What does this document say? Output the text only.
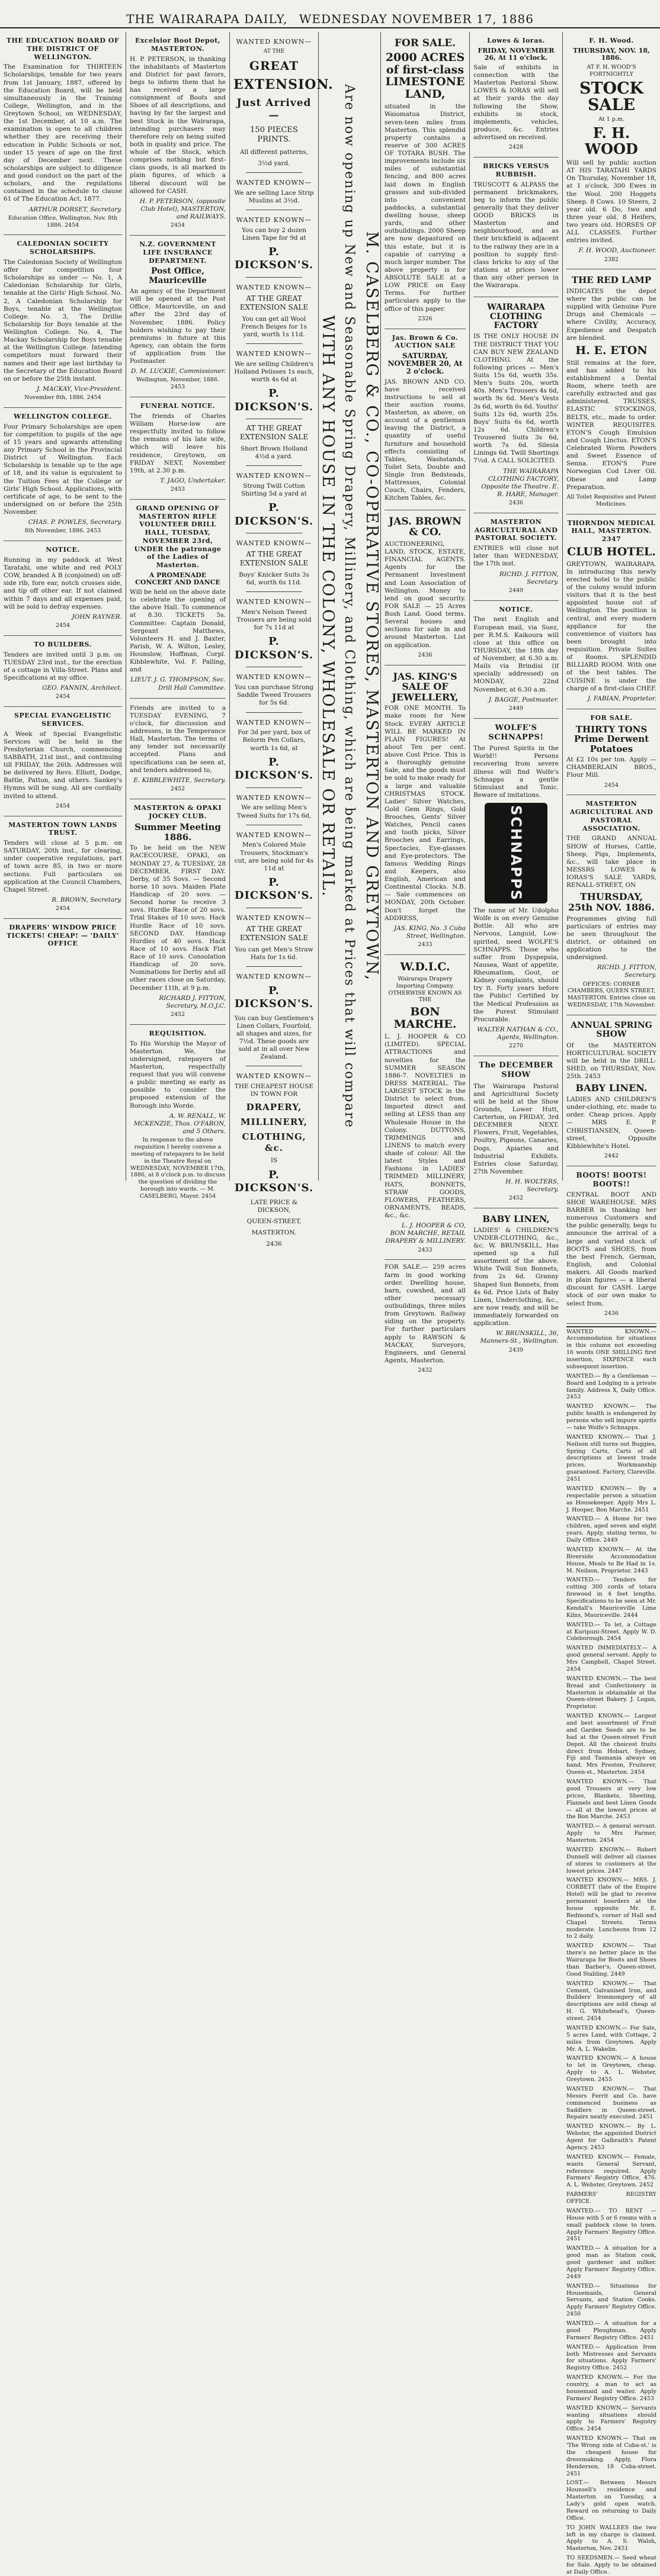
THE WAIRARAPA DAILY, WEDNESDAY NOVEMBER 17, 1886
THE EDUCATION BOARD OF THE DISTRICT OF WELLINGTON.

The Examination for THIRTEEN Scholarships, tenable for two years from 1st January, 1887, offered by the Education Board, will be held simultaneously in the Training College, Wellington, and in the Greytown School, on WEDNESDAY, the 1st December, at 10 a.m. The examination is open to all children whether they are receiving their education in Public Schools or not, under 15 years of age on the first day of December next. These scholarships are subject to diligence and good conduct on the part of the scholars, and the regulations contained in the schedule to clause 61 of The Education Act, 1877.

ARTHUR DORSET, Secretary.

Education Office, Wellington, Nov. 8th 1886. 2454

CALEDONIAN SOCIETY SCHOLARSHIPS.

The Caledonian Society of Wellington offer for competition four Scholarships as under — No. 1, A Caledonian Scholarship for Girls, tenable at the Girls' High School. No. 2, A Caledonian Scholarship for Boys, tenable at the Wellington College. No. 3, The Drillie Scholarship for Boys tenable at the Wellington College. No. 4, The Mackay Scholarship for Boys tenable at the Wellington College. Intending competitors must forward their names and their age last birthday to the Secretary of the Education Board on or before the 25th instant.

J. MACKAY, Vice-President.

November 8th, 1886. 2454

WELLINGTON COLLEGE.

Four Primary Scholarships are open for competition to pupils of the age of 15 years and upwards attending any Primary School in the Provincial District of Wellington. Each Scholarship is tenable up to the age of 18, and its value is equivalent to the Tuition Fees at the College or Girls' High School. Applications, with certificate of age, to be sent to the undersigned on or before the 25th November.

CHAS. P. POWLES, Secretary.

8th November, 1886. 2453

NOTICE.

Running in my paddock at West Taratahi, one white and red POLY COW, branded A B (conjoined) on off-side rib, fore ear, notch crosses side, and tip off other ear. If not claimed within 7 days and all expenses paid, will be sold to defray expenses.

JOHN RAYNER.

2454

TO BUILDERS.

Tenders are invited until 3 p.m. on TUESDAY 23rd inst., for the erection of a cottage in Villa-Street. Plans and Specifications at my office.

GEO. FANNIN, Architect.

2454

SPECIAL EVANGELISTIC SERVICES.

A Week of Special Evangelistic Services will be held in the Presbyterian Church, commencing SABBATH, 21st inst., and continuing till FRIDAY, the 26th. Addresses will be delivered by Revs. Elliott, Dodge, Battle, Patton, and others. Sankey's Hymns will be sung. All are cordially invited to attend.

2454

MASTERTON TOWN LANDS TRUST.

Tenders will close at 5 p.m. on SATURDAY, 20th inst., for clearing, under cooperative regulations, part of town acre 85, in two or more sections. Full particulars on application at the Council Chambers, Chapel Street.

R. BROWN, Secretary.

2454

DRAPERS' WINDOW PRICE TICKETS! CHEAP! — 'DAILY' OFFICE

Excelsior Boot Depot, MASTERTON.

H. P. PETERSON, in thanking the inhabitants of Masterton and District for past favors, begs to inform them that he has received a large consignment of Boots and Shoes of all descriptions, and having by far the largest and best Stock in the Wairarapa, intending purchasers may therefore rely on being suited both in quality and price. The whole of the Stock, which comprises nothing but first-class goods, is all marked in plain figures, of which a liberal discount will be allowed for CASH.

H. P. PETERSON, (opposite Club Hotel), MASTERTON, and RAILWAYS.

2454

N.Z. GOVERNMENT LIFE INSURANCE DEPARTMENT.
Post Office, Mauriceville

An agency of the Department will be opened at the Post Office, Mauriceville, on and after the 23rd day of November, 1886. Policy holders wishing to pay their premiums in future at this Agency, can obtain the form of application from the Postmaster.

D. M. LUCKIE, Commissioner.

Wellington, November, 1886. 2453

FUNERAL NOTICE.

The friends of Charles William Horse-low are respectfully invited to follow the remains of his late wife, which will leave his residence, Greytown, on FRIDAY NEXT, November 19th, at 2.30 p.m.

T. JAGO, Undertaker.

2453

GRAND OPENING OF MASTERTON RIFLE VOLUNTEER DRILL HALL, TUESDAY, NOVEMBER 23rd, UNDER the patronage of the Ladies of Masterton.
A PROMENADE CONCERT AND DANCE

Will be held on the above date to celebrate the opening of the above Hall. To commence at 8.30. TICKETS 5s. Committee: Captain Donald, Sergeant Matthews, Volunteers H. and J. Baxter, Parish, W. A. Wilton, Lesley, Hounslow, Hoffman, Corpl. Kibblewhite, Vol. F. Palling, and

LIEUT. J. G. THOMPSON, Sec. Drill Hall Committee.

Friends are invited to a TUESDAY EVENING, 7 o'clock, for discussion and addresses, in the Temperance Hall, Masterton. The terms of any tender not necessarily accepted. Plans and specifications can be seen at, and tenders addressed to,

E. KIBBLEWHITE, Secretary.

2452

MASTERTON & OPAKI JOCKEY CLUB.
Summer Meeting 1886.

To be held on the NEW RACECOURSE, OPAKI, on MONDAY 27, & TUESDAY, 28 DECEMBER. FIRST DAY. Derby, of 35 Sovs. — Second horse 10 sovs. Maiden Plate Handicap of 20 sovs. — Second horse to receive 3 sovs. Hurdle Race of 20 sovs. Trial Stakes of 10 sovs. Hack Hurdle Race of 10 sovs. SECOND DAY. Handicap Hurdles of 40 sovs. Hack Race of 10 sovs. Hack Flat Race of 10 sovs. Consolation Handicap of 20 sovs. Nominations for Derby and all other races close on Saturday, December 11th, at 9 p.m.

RICHARD J. FITTON, Secretary, M.O.J.C.

2452

REQUISITION.

To His Worship the Mayor of Masterton. We, the undersigned, ratepayers of Masterton, respectfully request that you will convene a public meeting as early as possible to consider the proposed extension of the Borough into Worde.

A. W. RENALL, W. MCKENZIE, Thos. O'FARON, and 5 Others.

In response to the above requisition I hereby convene a meeting of ratepayers to be held in the Theatre Royal on WEDNESDAY, NOVEMBER 17th, 1886, at 8 o'clock p.m. to discuss the question of dividing the borough into wards. — M. CASELBERG, Mayor. 2454

WANTED KNOWN—
AT THE
GREAT
EXTENSION.
Just Arrived—
150 PIECES PRINTS.
All different patterns,
3½d yard.
WANTED KNOWN—
We are selling Lace Strip Muslins at 3½d.
WANTED KNOWN—
You can buy 2 dozen Linen Tape for 9d at
P. DICKSON'S.
WANTED KNOWN—
AT THE GREAT EXTENSION SALE
You can get all Wool French Beiges for 1s yard, worth 1s 11d.
WANTED KNOWN—
We are selling Children's Holland Pelisses 1s each, worth 4s 6d at
P. DICKSON'S.
AT THE GREAT EXTENSION SALE
Short Brown Holland 4½d a yard.
WANTED KNOWN—
Strong Twill Cotton Shirting 5d a yard at
P. DICKSON'S.
WANTED KNOWN—
AT THE GREAT EXTENSION SALE
Boys' Knicker Suits 3s 6d, worth 6s 11d.
WANTED KNOWN—
Men's Nelson Tweed Trousers are being sold for 7s 11d at
P. DICKSON'S.
WANTED KNOWN—
You can purchase Strong Saddle Tweed Trousers for 5s 6d.
WANTED KNOWN—
For 3d per yard, box of Relorm Pen Collars, worth 1s 6d, at
P. DICKSON'S.
WANTED KNOWN—
We are selling Men's Tweed Suits for 17s 6d,
WANTED KNOWN—
Men's Colored Mole Trousers, Stockman's cut, are being sold for 4s 11d at
P. DICKSON'S.
WANTED KNOWN—
AT THE GREAT EXTENSION SALE
You can get Men's Straw Hats for 1s 6d.
WANTED KNOWN—
P. DICKSON'S.
You can buy Gentlemen's Linen Collars, Fourfold, all shapes and sizes, for 7½d. These goods are sold at in all over New Zealand.
WANTED KNOWN—
THE CHEAPEST HOUSE IN TOWN FOR
DRAPERY,
MILLINERY,
CLOTHING, &c.
IS
P. DICKSON'S.
LATE PRICE & DICKSON,
QUEEN-STREET,
MASTERTON.
2436
M. CASELBERG & CO., CO-OPERATIVE STORES, MASTERTON AND GREYTOWN,
Are now opening up New and Seasonable Spring Drapery, Millinery, and Clothing, which are being marked at Prices that will compare
WITH ANY HOUSE IN THE COLONY, WHOLESALE OR RETAIL.
FOR SALE.
2000 ACRES of first-class LIMESTONE LAND,

situated in the Waiomatua District, seven-teen miles from Masterton. This splendid property contains a reserve of 300 ACRES OF TOTARA BUSH. The improvements include six miles of substantial fencing, and 800 acres laid down in English grasses and sub-divided into convenient paddocks, a substantial dwelling house, sheep yards, and other outbuildings. 2000 Sheep are now depastured on this estate, but it is capable of carrying a much larger number. The above property is for ABSOLUTE SALE at a LOW PRICE on Easy Terms. For further particulars apply to the office of this paper.

2326

Jas. Brown & Co. AUCTION SALE
SATURDAY, NOVEMBER 20, At 2 o'clock.

JAS. BROWN AND CO. have received instructions to sell at their auction rooms, Masterton, as above, on account of a gentleman leaving the District, a quantity of useful furniture and household effects consisting of Tables, Washstands, Toilet Sets, Double and Single Iron Bedsteads, Mattresses, Colonial Couch, Chairs, Fenders, Kitchen Tables, &c.

JAS. BROWN & CO.

AUCTIONEERING, LAND, STOCK, ESTATE, FINANCIAL AGENTS. Agents for the Permanent Investment and Loan Association of Wellington. Money to lend on good security. FOR SALE — 25 Acres Bush Land. Good terms. Several houses and sections for sale in and around Masterton. List on application.

2436

JAS. KING'S SALE OF JEWELLERY,

FOR ONE MONTH. To make room for New Stock. EVERY ARTICLE WILL BE MARKED IN PLAIN FIGURES! At about Ten per cent. above Cost Price. This is a thoroughly genuine Sale, and the goods must be sold to make ready for a large and valuable CHRISTMAS STOCK. Ladies' Silver Watches, Gold Gem Rings, Gold Brooches, Gents' Silver Watches, Pencil cases and tooth picks, Silver Brooches and Earrings, Spectacles, Eye-glasses and Eye-protectors. The famous Wedding Rings and Keepers, also English, American and Continental Clocks. N.B. — Sale commences on MONDAY, 20th October. Don't forget the ADDRESS,

JAS. KING, No. 3 Cuba Street, Wellington.

2433

W.D.I.C.

Wairarapa Drapery Importing Company. OTHERWISE KNOWN AS THE

BON MARCHE.

L. J. HOOPER & CO (LIMITED). SPECIAL ATTRACTIONS and novelties for the SUMMER SEASON 1886-7. NOVELTIES in DRESS MATERIAL. The LARGEST STOCK in the District to select from. Imported direct and selling at LESS than any Wholesale House in the Colony. DUTTONS, TRIMMINGS and LINENS to match every shade of colour. All the latest Styles and Fashions in LADIES' TRIMMED MILLINERY, HATS, BONNETS, STRAW GOODS, FLOWERS, FEATHERS, ORNAMENTS, BEADS, &c., &c.

L. J. HOOPER & CO, BON MARCHE, RETAIL DRAPERY & MILLINERY.

2433

FOR SALE.— 259 acres farm in good working order. Dwelling house, barn, cowshed, and all other necessary outbuildings, three miles from Greytown. Railway siding on the property. For further particulars apply to RAWSON & MACKAY, Surveyors, Engineers, and General Agents, Masterton.

2432

Lowes & Ioras.
FRIDAY, NOVEMBER 26, At 11 o'clock.

Sale of exhibits in connection with the Masterton Pastoral Show. LOWES & IORAS will sell at their yards the day following the Show, exhibits in stock, implements, vehicles, produce, &c. Entries advertised on received.

2428

BRICKS VERSUS RUBBISH.

TRUSCOTT & ALPASS the permanent brickmakers, beg to inform the public generally that they deliver GOOD BRICKS in Masterton and neighbourhood, and as their brickfield is adjacent to the railway they are in a position to supply first-class bricks to any of the stations at prices lower than any other person in the Wairarapa.

WAIRARAPA CLOTHING FACTORY

IS THE ONLY HOUSE IN THE DISTRICT THAT YOU CAN BUY NEW ZEALAND CLOTHING. At the following prices — Men's Suits 15s 6d, worth 35s. Men's Suits 20s, worth 40s. Men's Trousers 4s 6d, worth 9s 6d. Men's Vests 3s 6d, worth 6s 6d. Youths' Suits 12s 6d, worth 25s. Boys' Suits 6s 6d, worth 12s 6d. Children's Trousered Suits 3s 6d, worth 7s 6d. Silesia Linings 6d. Twill Shortings 7½d. A CALL SOLICITED.

THE WAIRARAPA CLOTHING FACTORY, Opposite the Theatre. E. R. HARE, Manager.

2436

MASTERTON AGRICULTURAL AND PASTORAL SOCIETY.

ENTRIES will close not later than WEDNESDAY, the 17th inst.

RICHD. J. FITTON, Secretary.

2449

NOTICE.

The next English and European mail, via Suez, per R.M.S. Kaikoura will close at this office on THURSDAY, the 18th day of November, at 6.30 a.m. Mails via Brindisi (if specially addressed) on MONDAY, 22nd November, at 6.30 a.m.

J. BAGGE, Postmaster.

2449

WOLFE'S SCHNAPPS!

The Purest Spirits in the World!! Persons recovering from severe illness will find Wolfe's Schnapps a gentle Stimulant and Tonic. Beware of imitations.

SCHNAPPS

The name of Mr. Udolpho Wolfe is on every Genuine Bottle. All who are Nervous, Languid, Low-spirited, need WOLFE'S SCHNAPPS. Those who suffer from Dyspepsia, Nausea, Want of appetite, Rheumatism, Gout, or Kidney complaints, should try it. Forty years before the Public! Certified by the Medical Profession as the Purest Stimulant Procurable.

WALTER NATHAN & CO., Agents, Wellington.

2270

The DECEMBER SHOW

The Wairarapa Pastoral and Agricultural Society will be held at the Show Grounds, Lower Hutt, Carterton, on FRIDAY, 3rd DECEMBER NEXT. Flowers, Fruit, Vegetables, Poultry, Pigeons, Canaries, Dogs, Apiaries and Industrial Exhibits. Entries close Saturday, 27th November.

H. H. WOLTERS, Secretary.

2452

BABY LINEN,

LADIES' & CHILDREN'S UNDER-CLOTHING, &c., &c. W. BRUNSKILL, Has opened up a full assortment of the above. White Twill Sun Bonnets, from 2s 6d. Granny Shaped Sun Bonnets, from 4s 6d. Price Lists of Baby Linen, Underclothing, &c., are now ready, and will be immediately forwarded on application.

W. BRUNSKILL, 36, Manners-St., Wellington.

2439

F. H. Wood.
THURSDAY, NOV. 18, 1886.

AT F. H. WOOD'S FORTNIGHTLY

STOCK SALE

At 1 p.m.

F. H. WOOD

Will sell by public auction AT HIS TARATAHI YARDS On Thursday, November 18, at 1 o'clock, 300 Ewes in the Wool. 200 Hoggets Sheep. 8 Cows. 10 Steers, 2 year old. 6 Do, two and three year old. 8 Heifers, two years old. HORSES OF ALL CLASSES. Further entries invited.

F. H. WOOD, Auctioneer.

2382

THE RED LAMP

INDICATES the depot where the public can be supplied with Genuine Pure Drugs and Chemicals — where Civility, Accuracy, Expedience and Despatch are blended.

H. E. ETON

Still remains at the fore, and has added to his establishment a Dental Room, where teeth are carefully extracted and gas administered. TRUSSES, ELASTIC STOCKINGS, BELTS, etc., made to order. WINTER REQUISITES. ETON'S Cough Emulsion and Cough Linctus. ETON'S Celebrated Worm Powders and Sweet Essence of Senna. ETON'S Pure Norwegian Cod Liver Oil. Obese and Lamp Preparation.

All Toilet Requisites and Patent Medicines.

THORNDON MEDICAL HALL, MASTERTON. 2347
CLUB HOTEL.

GREYTOWN, WAIRARAPA. In introducing this newly erected hotel to the public of the colony would inform visitors that it is the best appointed house out of Wellington. The position is central, and every modern appliance for the convenience of visitors has been brought into requisition. Private Suites of Rooms. SPLENDID BILLIARD ROOM. With one of the best tables. The CUISINE is under the charge of a first-class CHEF.

J. FABIAN, Proprietor.

FOR SALE.
THIRTY TONS Prime Derwent Potatoes

At £2 10s per ton. Apply — CHAMBERLAIN BROS., Flour Mill.

2454

MASTERTON AGRICULTURAL AND PASTORAL ASSOCIATION.

THE GRAND ANNUAL SHOW of Horses, Cattle, Sheep, Pigs, Implements, &c., will take place in MESSRS LOWES & IORAS'S SALE YARDS, RENALL-STREET, ON

THURSDAY, 25th NOV. 1886.

Programmes giving full particulars of entries may be seen throughout the district, or obtained on application to the undersigned.

RICHD. J. FITTON, Secretary.

OFFICES: CORNER CHAMBERS, QUEEN STREET, MASTERTON. Entries close on WEDNESDAY, 17th November.

ANNUAL SPRING SHOW

Of the MASTERTON HORTICULTURAL SOCIETY will be held in the DRILL-SHED, on THURSDAY, Nov. 25th. 2453

BABY LINEN.

LADIES AND CHILDREN'S under-clothing, etc. made to order. Cheap prices. Apply — MRS E. P. CHRISTIANSEN, Queen-street, Opposite Kibblewhite's Hotel.

2442

BOOTS! BOOTS! BOOTS!!

CENTRAL BOOT AND SHOE WAREHOUSE. MRS BARBER in thanking her numerous Customers and the public generally, begs to announce the arrival of a large and varied stock of BOOTS and SHOES, from the best French, German, English, and Colonial makers. All Goods marked in plain figures — a liberal discount for CASH. Large stock of our own make to select from.

2436

WANTED KNOWN.— Accommodation for situations in this column not exceeding 16 words ONE SHILLING first insertion, SIXPENCE each subsequent insertion.

WANTED.— By a Gentleman — Board and Lodging in a private family. Address X, Daily Office. 2453

WANTED KNOWN.— The public health is endangered by persons who sell impure spirits — take Wolfe's Schnapps.

WANTED KNOWN.— That J. Neilson still turns out Buggies, Spring Carts, Carts of all descriptions at lowest trade prices. Workmanship guaranteed. Factory, Clareville. 2451

WANTED KNOWN.— By a respectable person a situation as Housekeeper. Apply Mrs L. J. Hooper, Bon Marche. 2451

WANTED.— A Home for two children, aged seven and eight years. Apply, stating terms, to Daily Office. 2449

WANTED KNOWN.— At the Riverside Accommodation House, Meals to Be Had in 1s. M. Neilson, Proprietor. 2443

WANTED.— Tenders for cutting 300 cords of totara firewood in 4 feet lengths. Specifications to be seen at Mr. Kendall's Mauriceville Lime Kilns, Mauriceville. 2444

WANTED.— To let, a Cottage at Kuripuni-Street. Apply W. D. Coleborough. 2454

WANTED IMMEDIATELY.— A good general servant. Apply to Mrs Campbell, Chapel Street. 2454

WANTED KNOWN.— The best Bread and Confectionery in Masterton is obtainable at the Queen-street Bakery. J. Logan, Proprietor.

WANTED KNOWN.— Largest and best assortment of Fruit and Garden Seeds are to be had at the Queen-street Fruit Depot. All the choicest fruits direct from Hobart, Sydney, Fiji and Tasmania always on hand. Mrs Preston, Fruiterer, Queen-st., Masterton. 2454

WANTED KNOWN.— That good Trousers at very low prices, Blankets, Sheeting, Flannels and best Linen Goods — all at the lowest prices at the Bon Marche. 2453

WANTED.— A general servant. Apply to Mrs Farmer, Masterton. 2454

WANTED KNOWN.— Robert Dunnell will deliver all classes of stores to customers at the lowest prices. 2447

WANTED KNOWN.— MRS. J. CORBETT (late of the Empire Hotel) will be glad to receive permanent boarders at the house opposite Mr. E. Redmond's, corner of Hall and Chapel Streets. Terms moderate. Luncheons from 12 to 2 daily.

WANTED KNOWN.— That there's no better place in the Wairarapa for Boots and Shoes than Barber's, Queen-street. Good Stabling. 2449

WANTED KNOWN.— That Cement, Galvanised Iron, and Builders' Ironmongery of all descriptions are sold cheap at H. G. Whitehead's, Queen-street. 2454

WANTED KNOWN.— For Sale, 5 acres Land, with Cottage, 2 miles from Greytown. Apply Mr. A. L. Wakelin.

WANTED KNOWN.— A house to let in Greytown, cheap. Apply to A. L. Webster, Greytown. 2455

WANTED KNOWN.— That Messrs Ferrit and Co. have commenced business as Saddlers in Queen-street. Repairs neatly executed. 2451

WANTED KNOWN.— By L. Webster, the appointed District Agent for Galbraith's Patent Agency. 2453

WANTED KNOWN.— Female, wants General Servant, reference required. Apply Farmers' Registry Office, 476. A. L. Webster, Greytown. 2452

FARMERS' REGISTRY OFFICE.

WANTED.— TO RENT — House with 5 or 6 rooms with a small paddock close to town. Apply Farmers' Registry Office. 2451

WANTED.— A situation for a good man as Station cook, good gardener and milker. Apply Farmers' Registry Office. 2449

WANTED.— Situations for Housemaids, General Servants, and Station Cooks. Apply Farmers' Registry Office. 2450

WANTED.— A situation for a good Ploughman. Apply Farmers' Registry Office. 2451

WANTED.— Application from both Mistresses and Servants for situations. Apply Farmers' Registry Office. 2452

WANTED KNOWN.— For the country, a man to act as housemaid and waiter. Apply Farmers' Registry Office. 2453

WANTED KNOWN.— Servants wanting situations should apply to Farmers' Registry Office. 2454

WANTED KNOWN.— That on 'The Wrong side of Cuba-st.' is the cheapest house for dressmaking. Apply, Flora Henderson, 18 Cuba-street. 2451

LOST.— Between Messrs Hounsell's residence and Masterton on Tuesday, a Lady's gold open watch. Reward on returning to Daily Office.

TO JOHN WALLEES the two left in my charge is claimed. Apply to A. S. Walsh, Masterton, Nov. 2451

TO SEEDSMEN.— Seed wheat for Sale. Apply to be obtained at Daily Office.
